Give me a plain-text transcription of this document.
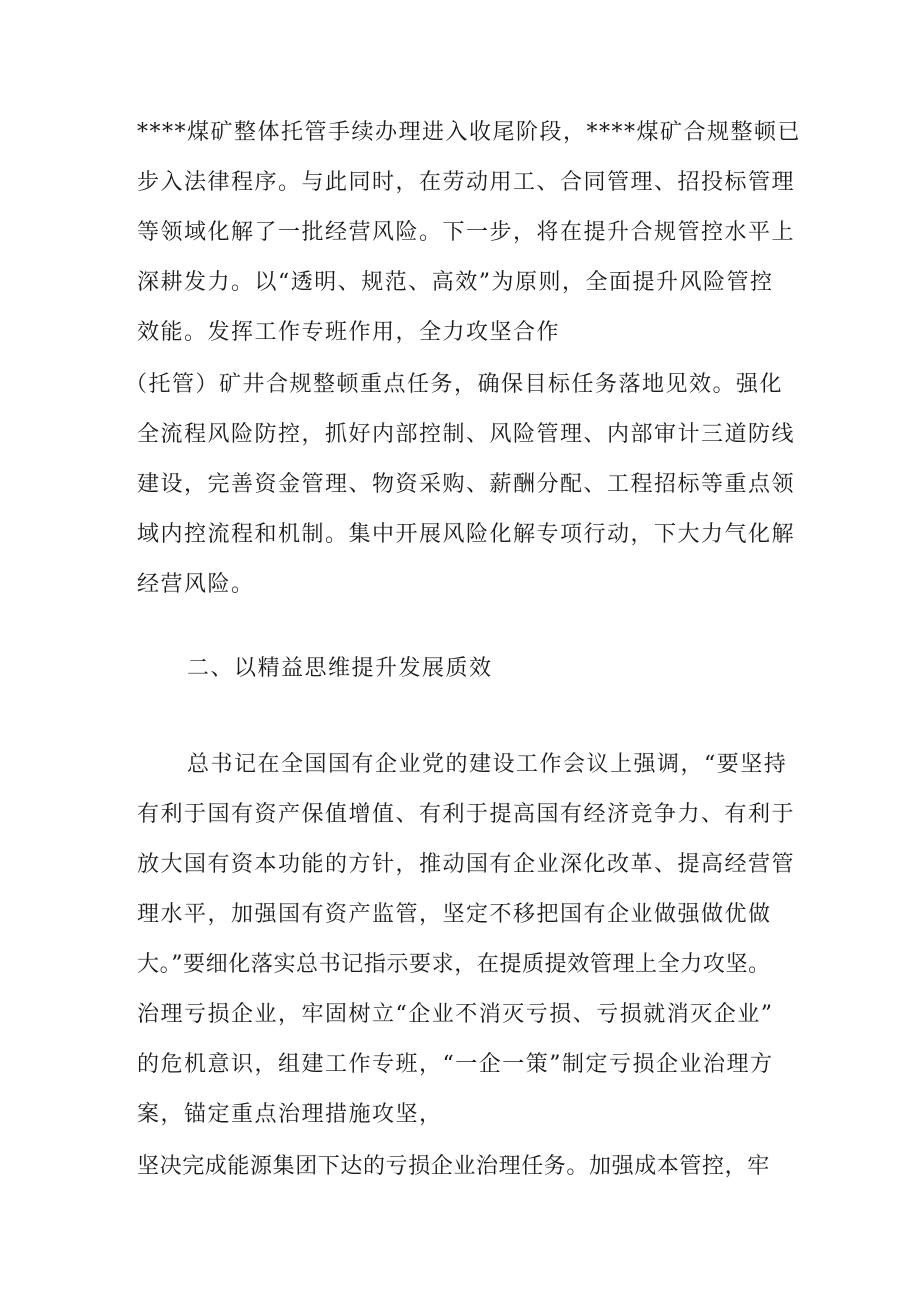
****煤矿整体托管手续办理进入收尾阶段，****煤矿合规整顿已
步入法律程序。与此同时，在劳动用工、合同管理、招投标管理
等领域化解了一批经营风险。下一步，将在提升合规管控水平上
深耕发力。以“透明、规范、高效”为原则，全面提升风险管控
效能。发挥工作专班作用，全力攻坚合作
（托管）矿井合规整顿重点任务，确保目标任务落地见效。强化
全流程风险防控，抓好内部控制、风险管理、内部审计三道防线
建设，完善资金管理、物资采购、薪酬分配、工程招标等重点领
域内控流程和机制。集中开展风险化解专项行动，下大力气化解
经营风险。
二、以精益思维提升发展质效
总书记在全国国有企业党的建设工作会议上强调，“要坚持
有利于国有资产保值增值、有利于提高国有经济竞争力、有利于
放大国有资本功能的方针，推动国有企业深化改革、提高经营管
理水平，加强国有资产监管，坚定不移把国有企业做强做优做
大。”要细化落实总书记指示要求，在提质提效管理上全力攻坚。
治理亏损企业，牢固树立“企业不消灭亏损、亏损就消灭企业”
的危机意识，组建工作专班，“一企一策”制定亏损企业治理方
案，锚定重点治理措施攻坚，
坚决完成能源集团下达的亏损企业治理任务。加强成本管控，牢
